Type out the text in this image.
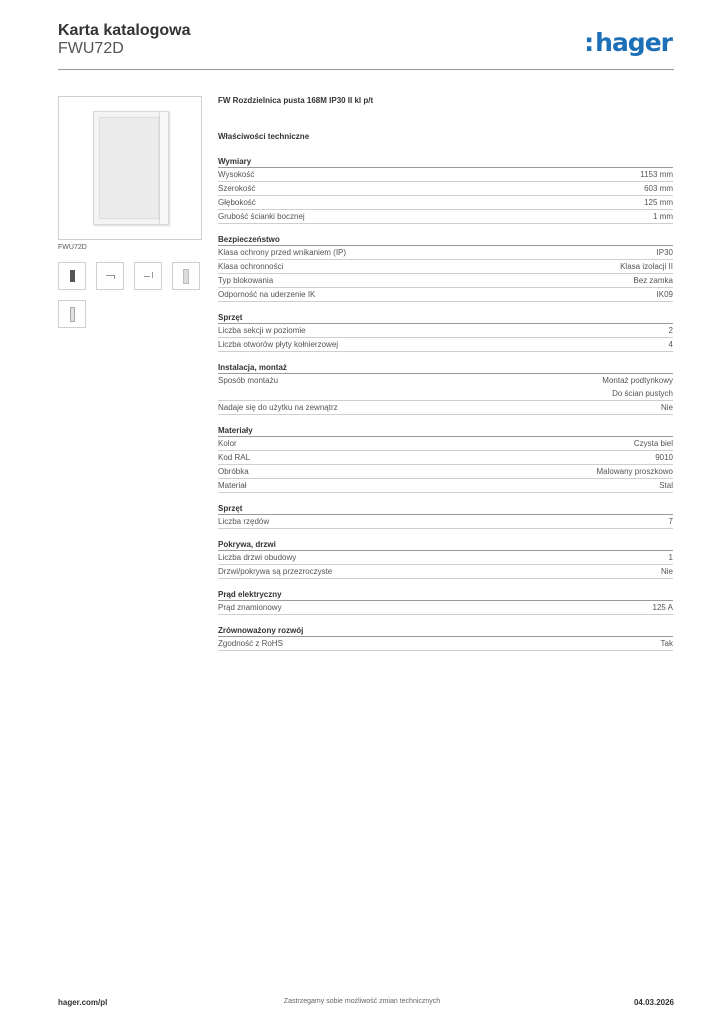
Karta katalogowa
FWU72D	:hager
FWU72D
FW Rozdzielnica pusta 168M IP30 II kl p/t
Właściwości techniczne
Wymiary
Wysokość	1153 mm
Szerokość	603 mm
Głębokość	125 mm
Grubość ścianki bocznej	1 mm
Bezpieczeństwo
Klasa ochrony przed wnikaniem (IP)	IP30
Klasa ochronności	Klasa izolacji II
Typ blokowania	Bez zamka
Odporność na uderzenie IK	IK09
Sprzęt
Liczba sekcji w poziomie	2
Liczba otworów płyty kołnierzowej	4
Instalacja, montaż
Sposób montażu	Montaż podtynkowy
Do ścian pustych
Nadaje się do użytku na zewnątrz	Nie
Materiały
Kolor	Czysta biel
Kod RAL	9010
Obróbka	Malowany proszkowo
Materiał	Stal
Sprzęt
Liczba rzędów	7
Pokrywa, drzwi
Liczba drzwi obudowy	1
Drzwi/pokrywa są przezroczyste	Nie
Prąd elektryczny
Prąd znamionowy	125 A
Zrównoważony rozwój
Zgodność z RoHS	Tak
hager.com/pl	Zastrzegamy sobie możliwość zmian technicznych	04.03.2026
